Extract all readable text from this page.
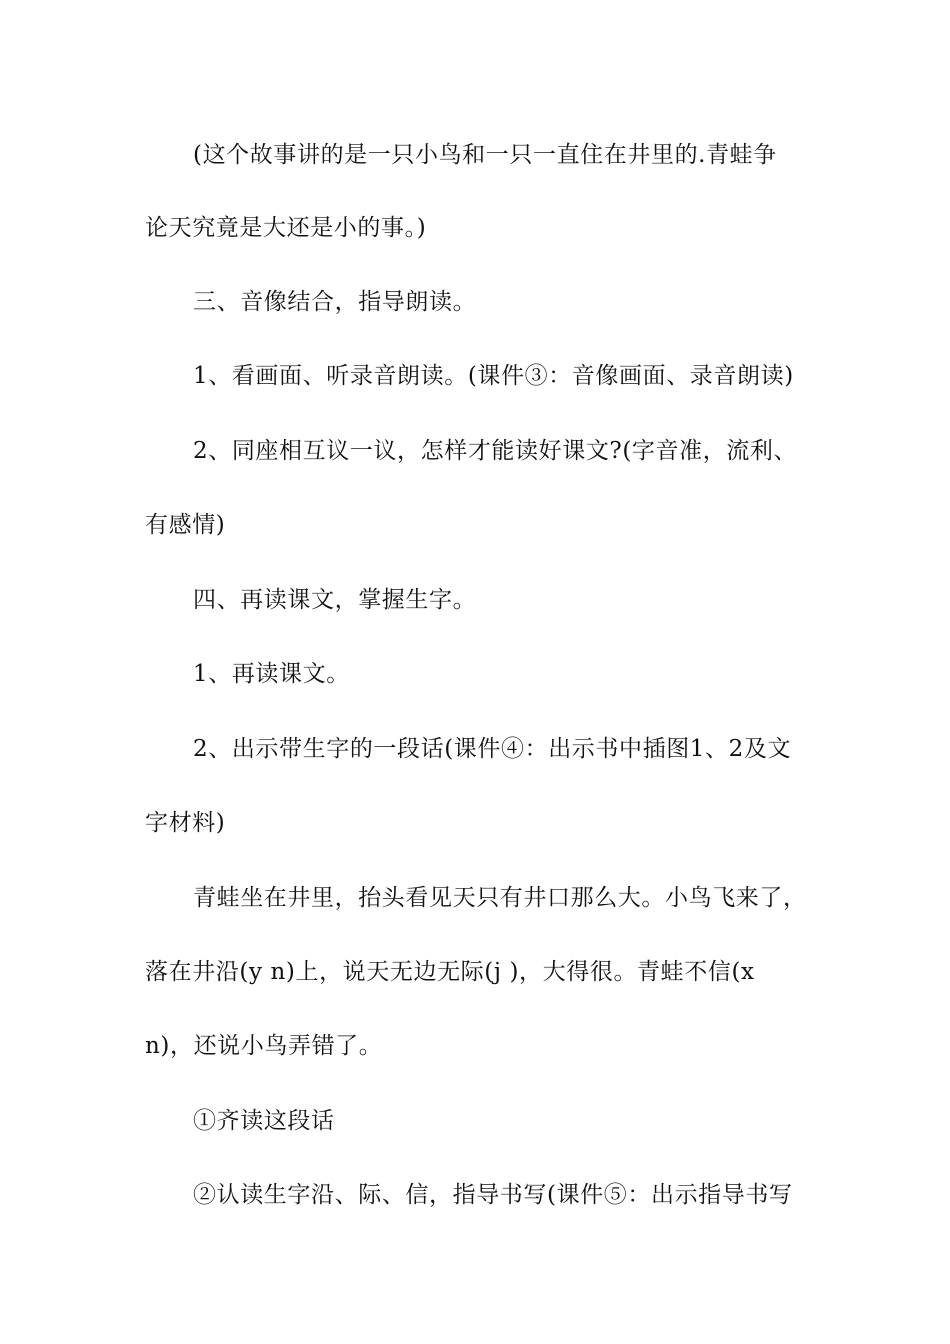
(这个故事讲的是一只小鸟和一只一直住在井里的.青蛙争
论天究竟是大还是小的事。)
三、音像结合，指导朗读。
1、看画面、听录音朗读。(课件③：音像画面、录音朗读)
2、同座相互议一议，怎样才能读好课文?(字音准，流利、
有感情)
四、再读课文，掌握生字。
1、再读课文。
2、出示带生字的一段话(课件④：出示书中插图1、2及文
字材料)
青蛙坐在井里，抬头看见天只有井口那么大。小鸟飞来了，
落在井沿(y n)上，说天无边无际(j )，大得很。青蛙不信(x
n)，还说小鸟弄错了。
①齐读这段话
②认读生字沿、际、信，指导书写(课件⑤：出示指导书写
